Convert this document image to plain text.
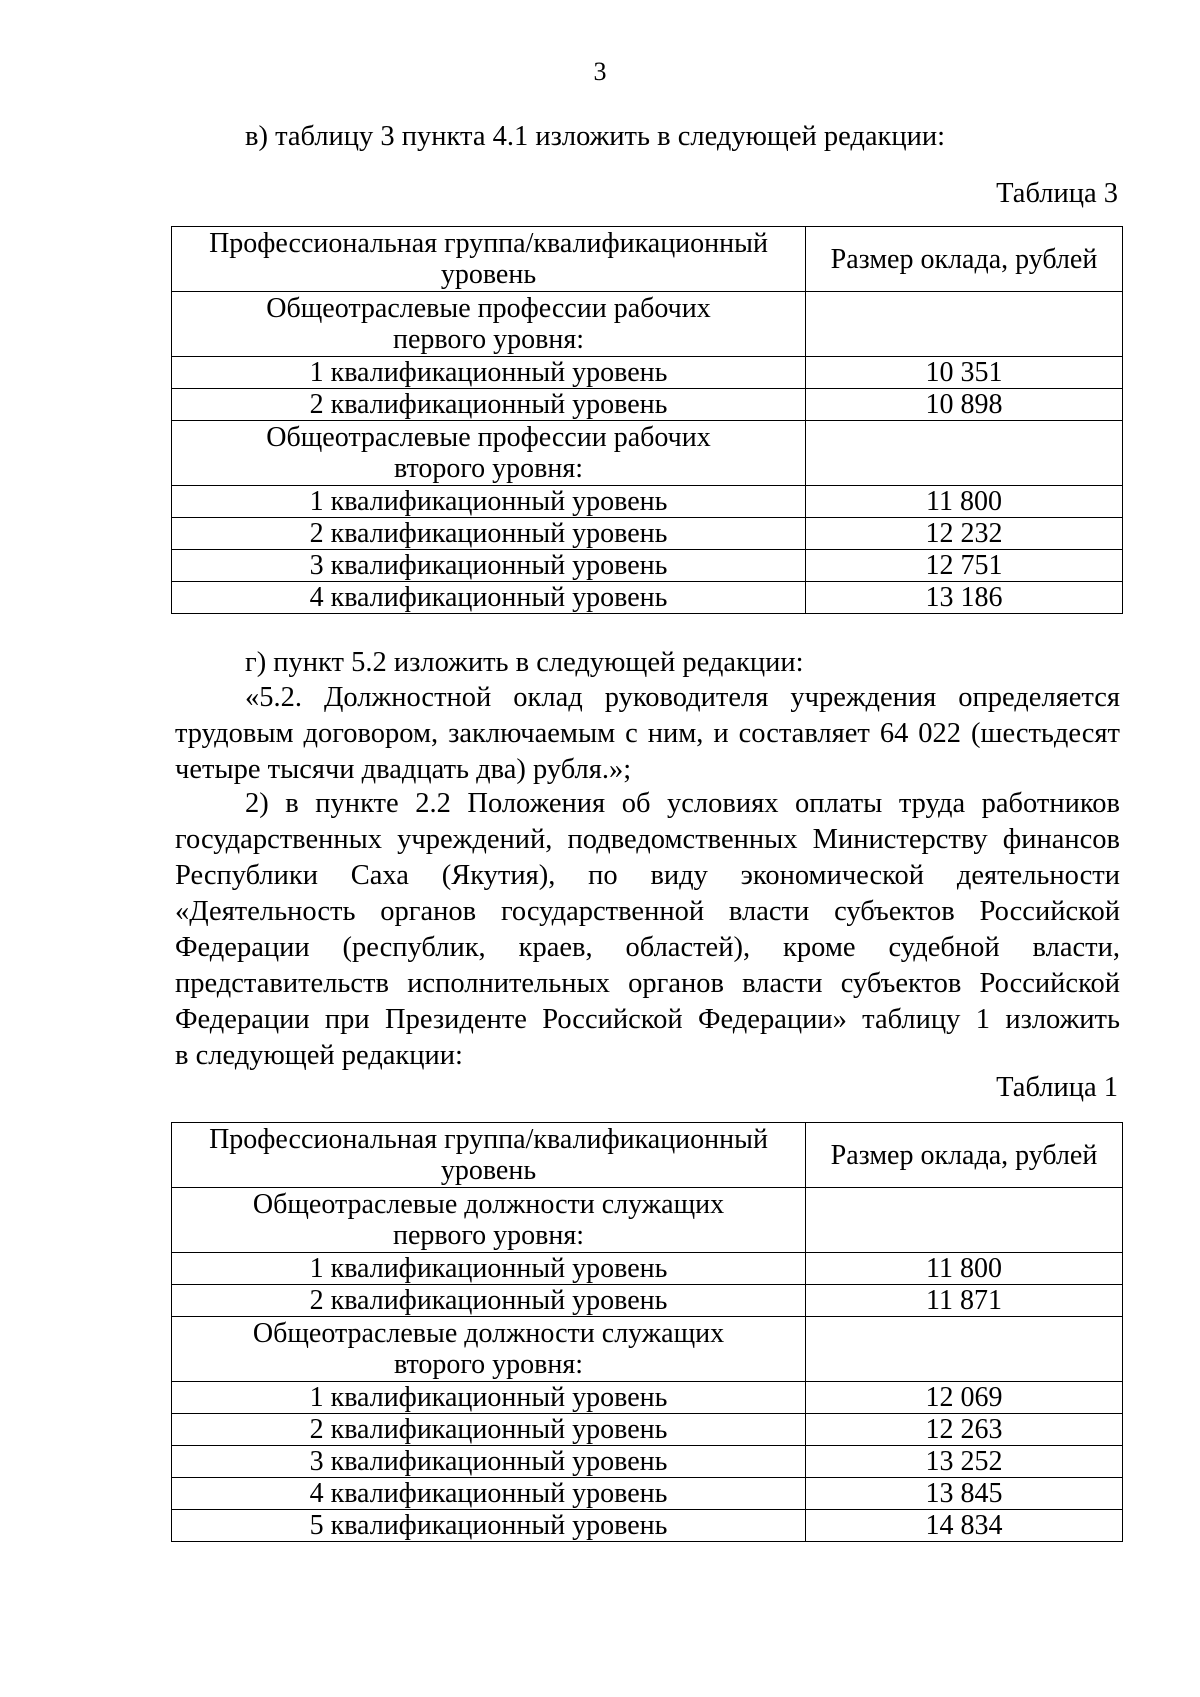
3
в) таблицу 3 пункта 4.1 изложить в следующей редакции:
Таблица 3
Профессиональная группа/квалификационный
уровень	Размер оклада, рублей

Общеотраслевые профессии рабочих
первого уровня:	

1 квалификационный уровень	10 351
2 квалификационный уровень	10 898

Общеотраслевые профессии рабочих
второго уровня:	

1 квалификационный уровень	11 800
2 квалификационный уровень	12 232
3 квалификационный уровень	12 751
4 квалификационный уровень	13 186
г) пункт 5.2 изложить в следующей редакции:
«5.2. Должностной оклад руководителя учреждения определяется
трудовым договором, заключаемым с ним, и составляет 64 022 (шестьдесят
четыре тысячи двадцать два) рубля.»;
2) в пункте 2.2 Положения об условиях оплаты труда работников
государственных учреждений, подведомственных Министерству финансов
Республики Саха (Якутия), по виду экономической деятельности
«Деятельность органов государственной власти субъектов Российской
Федерации (республик, краев, областей), кроме судебной власти,
представительств исполнительных органов власти субъектов Российской
Федерации при Президенте Российской Федерации» таблицу 1 изложить
в следующей редакции:
Таблица 1
Профессиональная группа/квалификационный
уровень	Размер оклада, рублей

Общеотраслевые должности служащих
первого уровня:	

1 квалификационный уровень	11 800
2 квалификационный уровень	11 871

Общеотраслевые должности служащих
второго уровня:	

1 квалификационный уровень	12 069
2 квалификационный уровень	12 263
3 квалификационный уровень	13 252
4 квалификационный уровень	13 845
5 квалификационный уровень	14 834
